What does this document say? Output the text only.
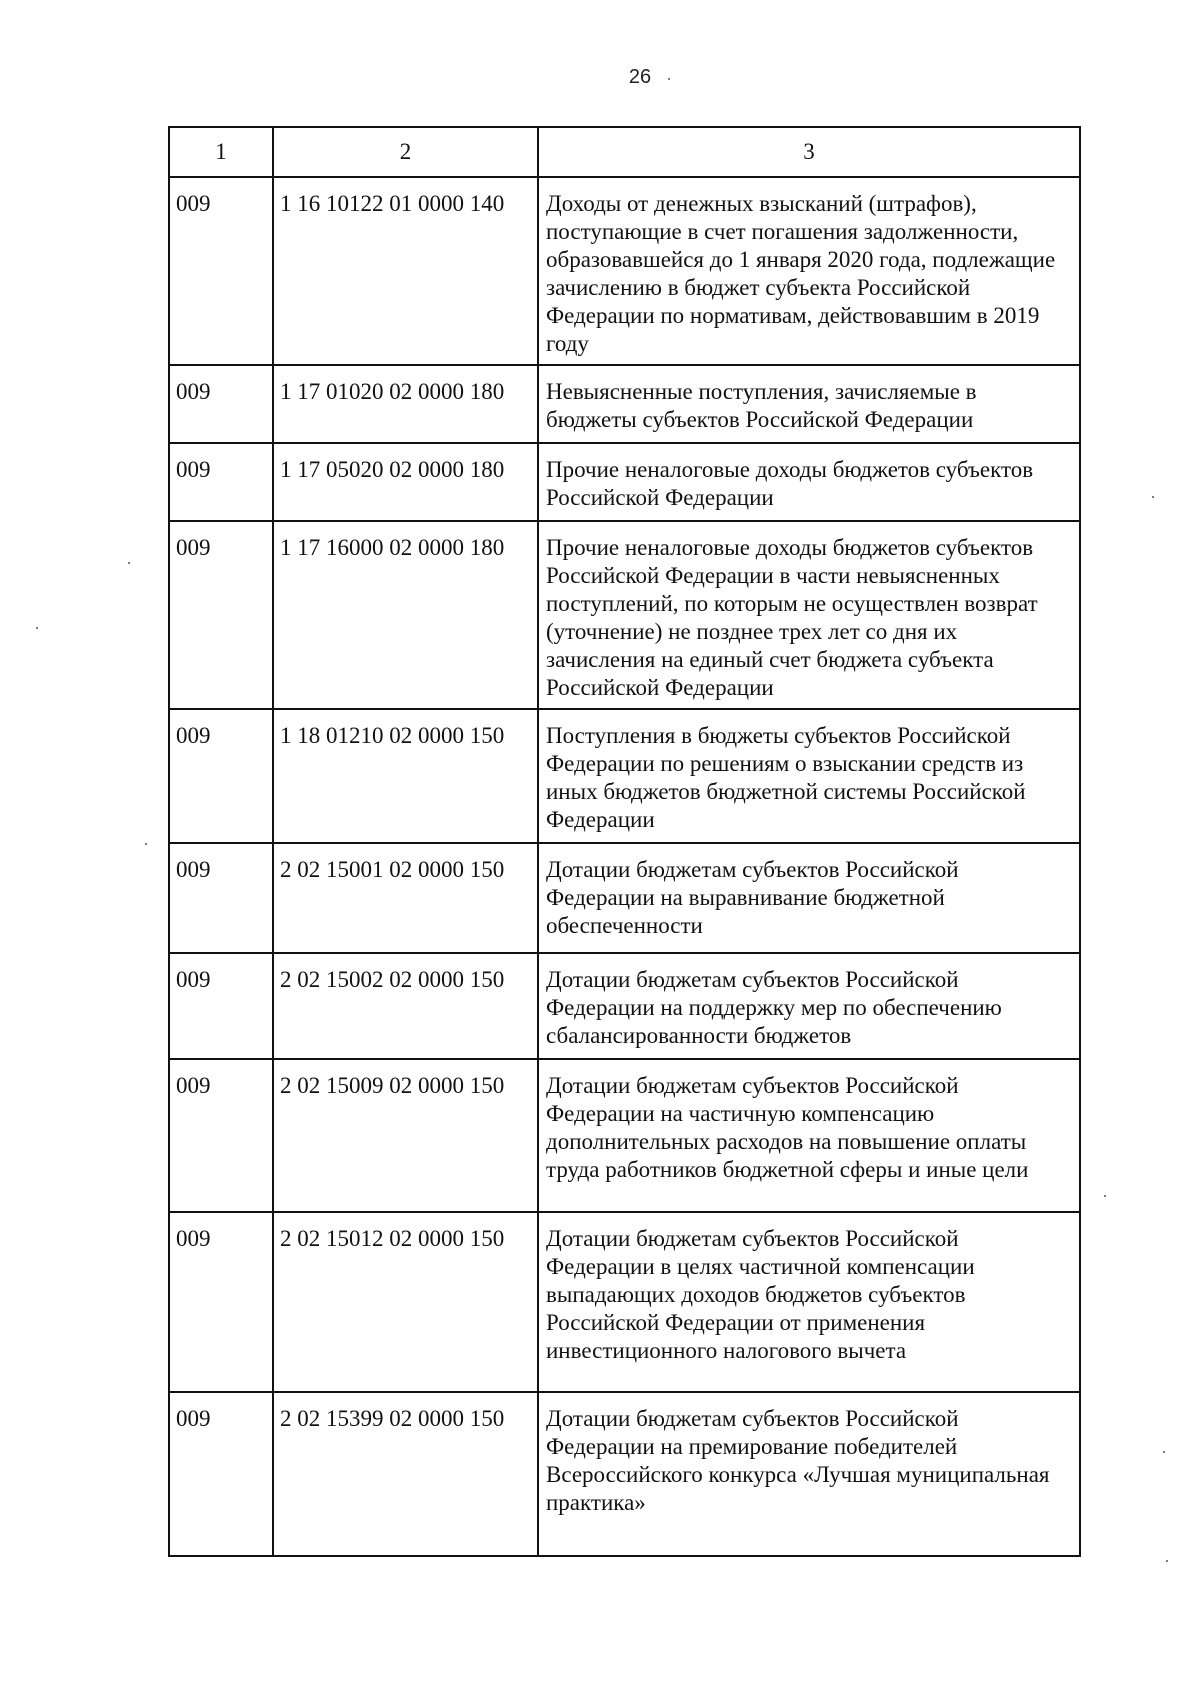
26
1	2	3
009	1 16 10122 01 0000 140	Доходы от денежных взысканий (штрафов), поступающие в счет погашения задолженности, образовавшейся до 1 января 2020 года, подлежащие зачислению в бюджет субъекта Российской Федерации по нормативам, действовавшим в 2019 году
009	1 17 01020 02 0000 180	Невыясненные поступления, зачисляемые в бюджеты субъектов Российской Федерации
009	1 17 05020 02 0000 180	Прочие неналоговые доходы бюджетов субъектов Российской Федерации
009	1 17 16000 02 0000 180	Прочие неналоговые доходы бюджетов субъектов Российской Федерации в части невыясненных поступлений, по которым не осуществлен возврат (уточнение) не позднее трех лет со дня их зачисления на единый счет бюджета субъекта Российской Федерации
009	1 18 01210 02 0000 150	Поступления в бюджеты субъектов Российской Федерации по решениям о взыскании средств из иных бюджетов бюджетной системы Российской Федерации
009	2 02 15001 02 0000 150	Дотации бюджетам субъектов Российской Федерации на выравнивание бюджетной обеспеченности
009	2 02 15002 02 0000 150	Дотации бюджетам субъектов Российской Федерации на поддержку мер по обеспечению сбалансированности бюджетов
009	2 02 15009 02 0000 150	Дотации бюджетам субъектов Российской Федерации на частичную компенсацию дополнительных расходов на повышение оплаты труда работников бюджетной сферы и иные цели
009	2 02 15012 02 0000 150	Дотации бюджетам субъектов Российской Федерации в целях частичной компенсации выпадающих доходов бюджетов субъектов Российской Федерации от применения инвестиционного налогового вычета
009	2 02 15399 02 0000 150	Дотации бюджетам субъектов Российской Федерации на премирование победителей Всероссийского конкурса «Лучшая муниципальная практика»
